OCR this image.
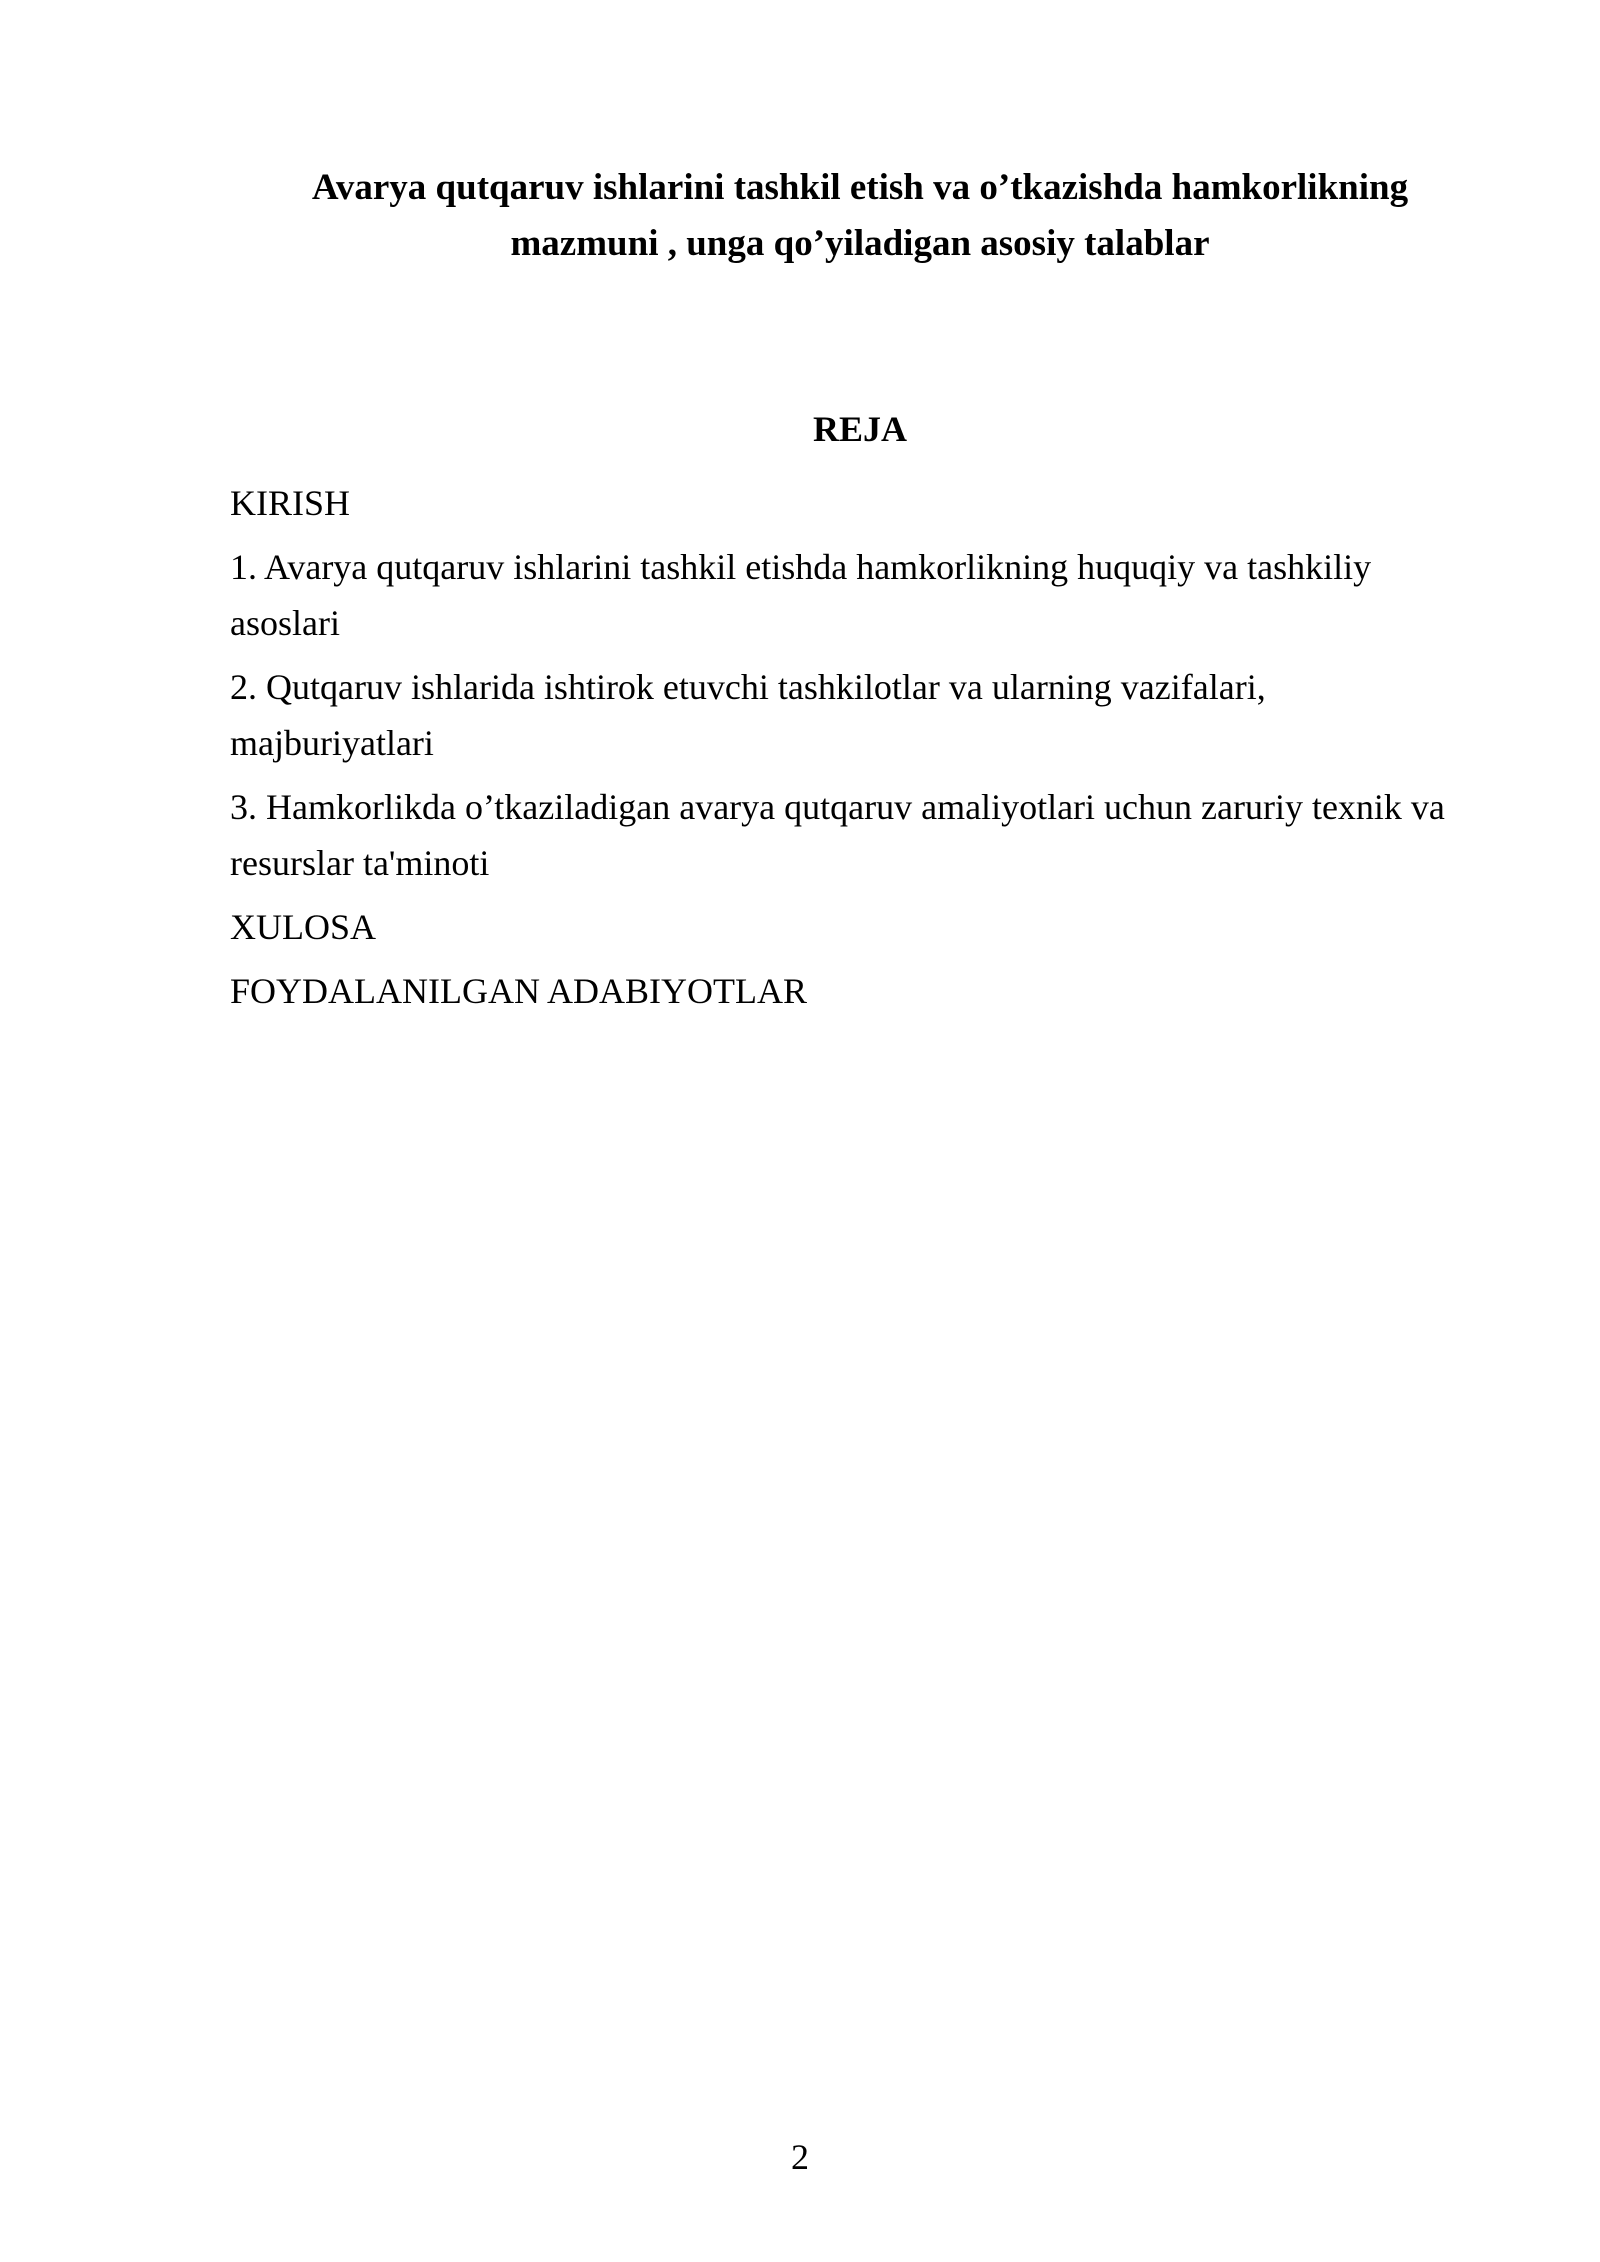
Avarya qutqaruv ishlarini tashkil etish va o’tkazishda hamkorlikning
mazmuni , unga qo’yiladigan asosiy talablar
REJA
KIRISH
1. Avarya qutqaruv ishlarini tashkil etishda hamkorlikning huquqiy va tashkiliy asoslari
2. Qutqaruv ishlarida ishtirok etuvchi tashkilotlar va ularning vazifalari, majburiyatlari
3. Hamkorlikda o’tkaziladigan avarya qutqaruv amaliyotlari uchun zaruriy texnik va resurslar ta'minoti
XULOSA
FOYDALANILGAN ADABIYOTLAR
2
